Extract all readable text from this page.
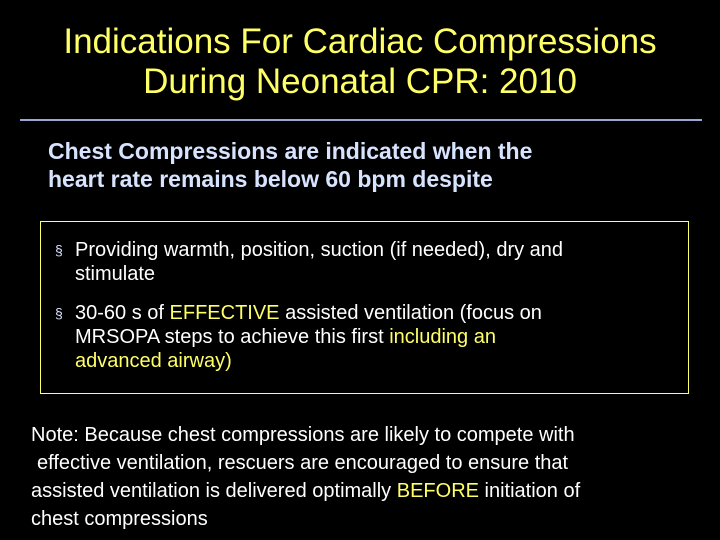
Indications For Cardiac Compressions
During Neonatal CPR: 2010
Chest Compressions are indicated when the
heart rate remains below 60 bpm despite
§ Providing warmth, position, suction (if needed), dry and
stimulate
§ 30-60 s of EFFECTIVE assisted ventilation (focus on
MRSOPA steps to achieve this first including an
advanced airway)
Note: Because chest compressions are likely to compete with
effective ventilation, rescuers are encouraged to ensure that
assisted ventilation is delivered optimally BEFORE initiation of
chest compressions
